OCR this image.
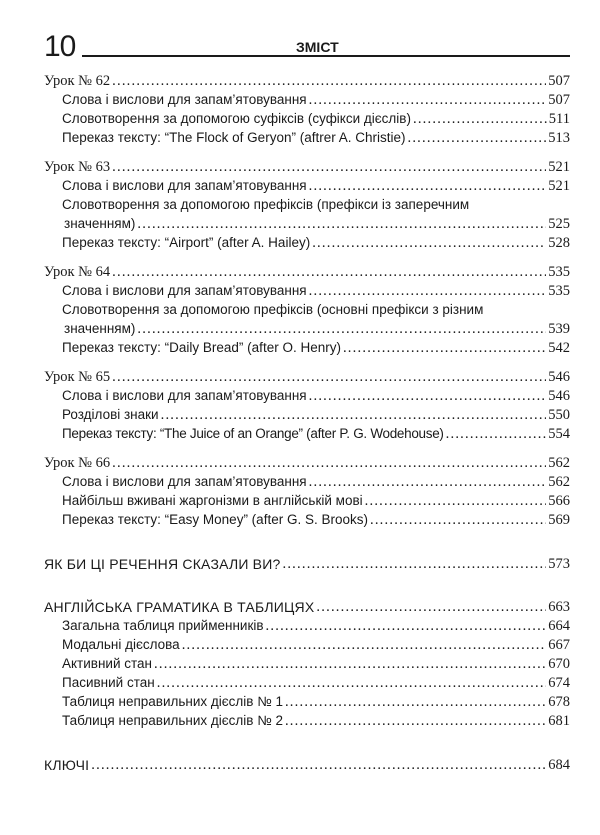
10	ЗМІСТ
Урок № 62 . . .	507
Слова і вислови для запам’ятовування . . .	507
Словотворення за допомогою суфіксів (суфікси дієслів) . . .	511
Переказ тексту: “The Flock of Geryon” (aftrer A. Christie) . . .	513
Урок № 63 . . .	521
Слова і вислови для запам’ятовування . . .	521
Словотворення за допомогою префіксів (префікси із заперечним
значенням) . . .	525
Переказ тексту: “Airport” (after A. Hailey) . . .	528
Урок № 64 . . .	535
Слова і вислови для запам’ятовування . . .	535
Словотворення за допомогою префіксів (основні префікси з різним
значенням) . . .	539
Переказ тексту: “Daily Bread” (after O. Henry) . . .	542
Урок № 65 . . .	546
Слова і вислови для запам’ятовування . . .	546
Розділові знаки . . .	550
Переказ тексту: “The Juice of an Orange” (after P. G. Wodehouse) . . .	554
Урок № 66 . . .	562
Слова і вислови для запам’ятовування . . .	562
Найбільш вживані жаргонізми в англійській мові . . .	566
Переказ тексту: “Easy Money” (after G. S. Brooks) . . .	569
ЯК БИ ЦІ РЕЧЕННЯ СКАЗАЛИ ВИ? . . .	573
АНГЛІЙСЬКА ГРАМАТИКА В ТАБЛИЦЯХ . . .	663
Загальна таблиця прийменників . . .	664
Модальні дієслова . . .	667
Активний стан . . .	670
Пасивний стан . . .	674
Таблиця неправильних дієслів № 1 . . .	678
Таблиця неправильних дієслів № 2 . . .	681
КЛЮЧІ . . .	684
